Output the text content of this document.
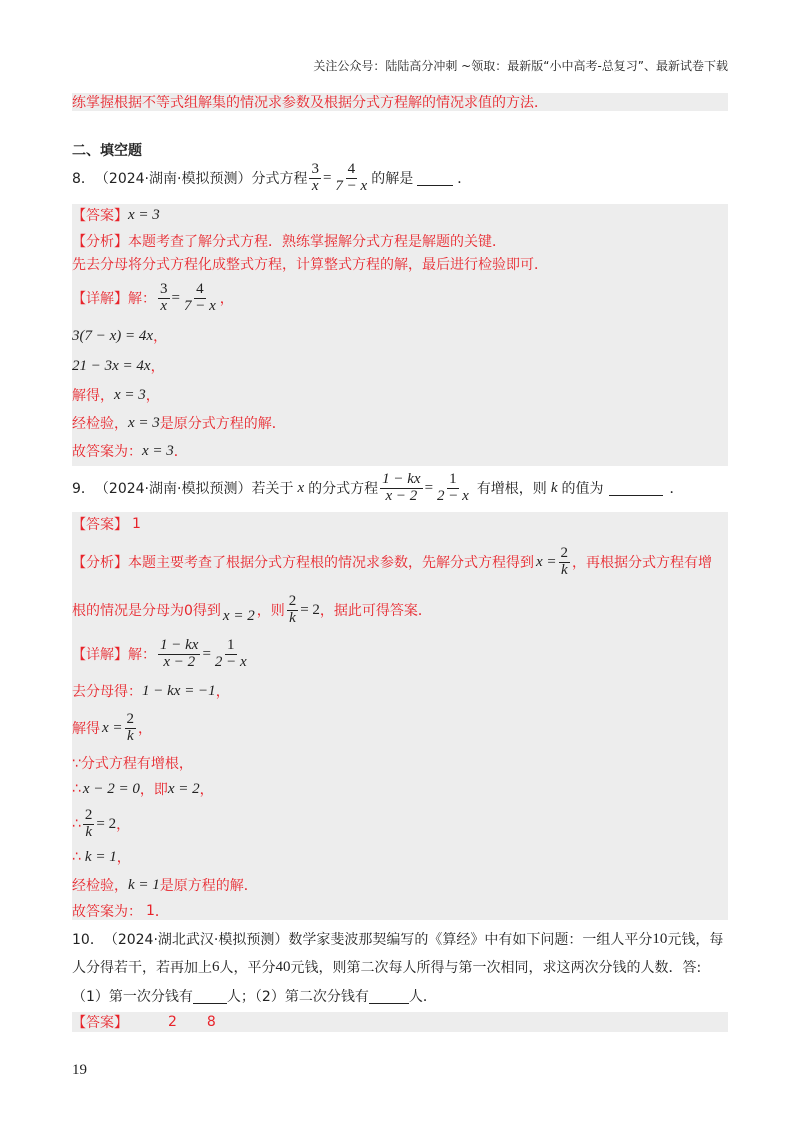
关注公众号：陆陆高分冲刺 ~领取：最新版“小中高考-总复习”、最新试卷下载
练掌握根据不等式组解集的情况求参数及根据分式方程解的情况求值的方法．
二、填空题
8． （2024·湖南·模拟预测） 分式方程 $\frac{3}{x} = \frac{4}{7 - x}$ 的解是	．
【答案】 x = 3
【分析】 本题考查了解分式方程．熟练掌握解分式方程是解题的关键．
先去分母将分式方程化成整式方程，计算整式方程的解，最后进行检验即可．
【详解】 解： $\frac{3}{x} = \frac{4}{7 - x}$ ，
3(7 − x) = 4x ，
21 − 3x = 4x ，
解得， x = 3 ，
经检验， x = 3 是原分式方程的解．
故答案为： x = 3 ．
9． （2024·湖南·模拟预测） 若关于 x 的分式方程 $\frac{1 - kx}{x - 2} = \frac{1}{2 - x}$ 有增根，则 k 的值为	．
【答案】 1
【分析】 本题主要考查了根据分式方程根的情况求参数，先解分式方程得到 $x = \frac{2}{k}$ ，再根据分式方程有增
根的情况是分母为0得到 x = 2 ，则 $\frac{2}{k} = 2$ ，据此可得答案．
【详解】 解： $\frac{1 - kx}{x - 2} = \frac{1}{2 - x}$
去分母得： 1 − kx = −1 ，
解得 $x = \frac{2}{k}$ ，
∵分式方程有增根，
∴ x − 2 = 0 ，即 x = 2 ，
∴ $\frac{2}{k} = 2$ ，
∴ k = 1 ，
经检验， k = 1 是原方程的解．
故答案为： 1 ．
10． （2024·湖北武汉·模拟预测） 数学家斐波那契编写的《算经》中有如下问题：一组人平分 10 元钱，每
人分得若干，若再加上 6 人，平分 40 元钱，则第二次每人所得与第一次相同，求这两次分钱的人数．答:
（1）第一次分钱有 人；（2）第二次分钱有	人．
【答案】	2 8
19
